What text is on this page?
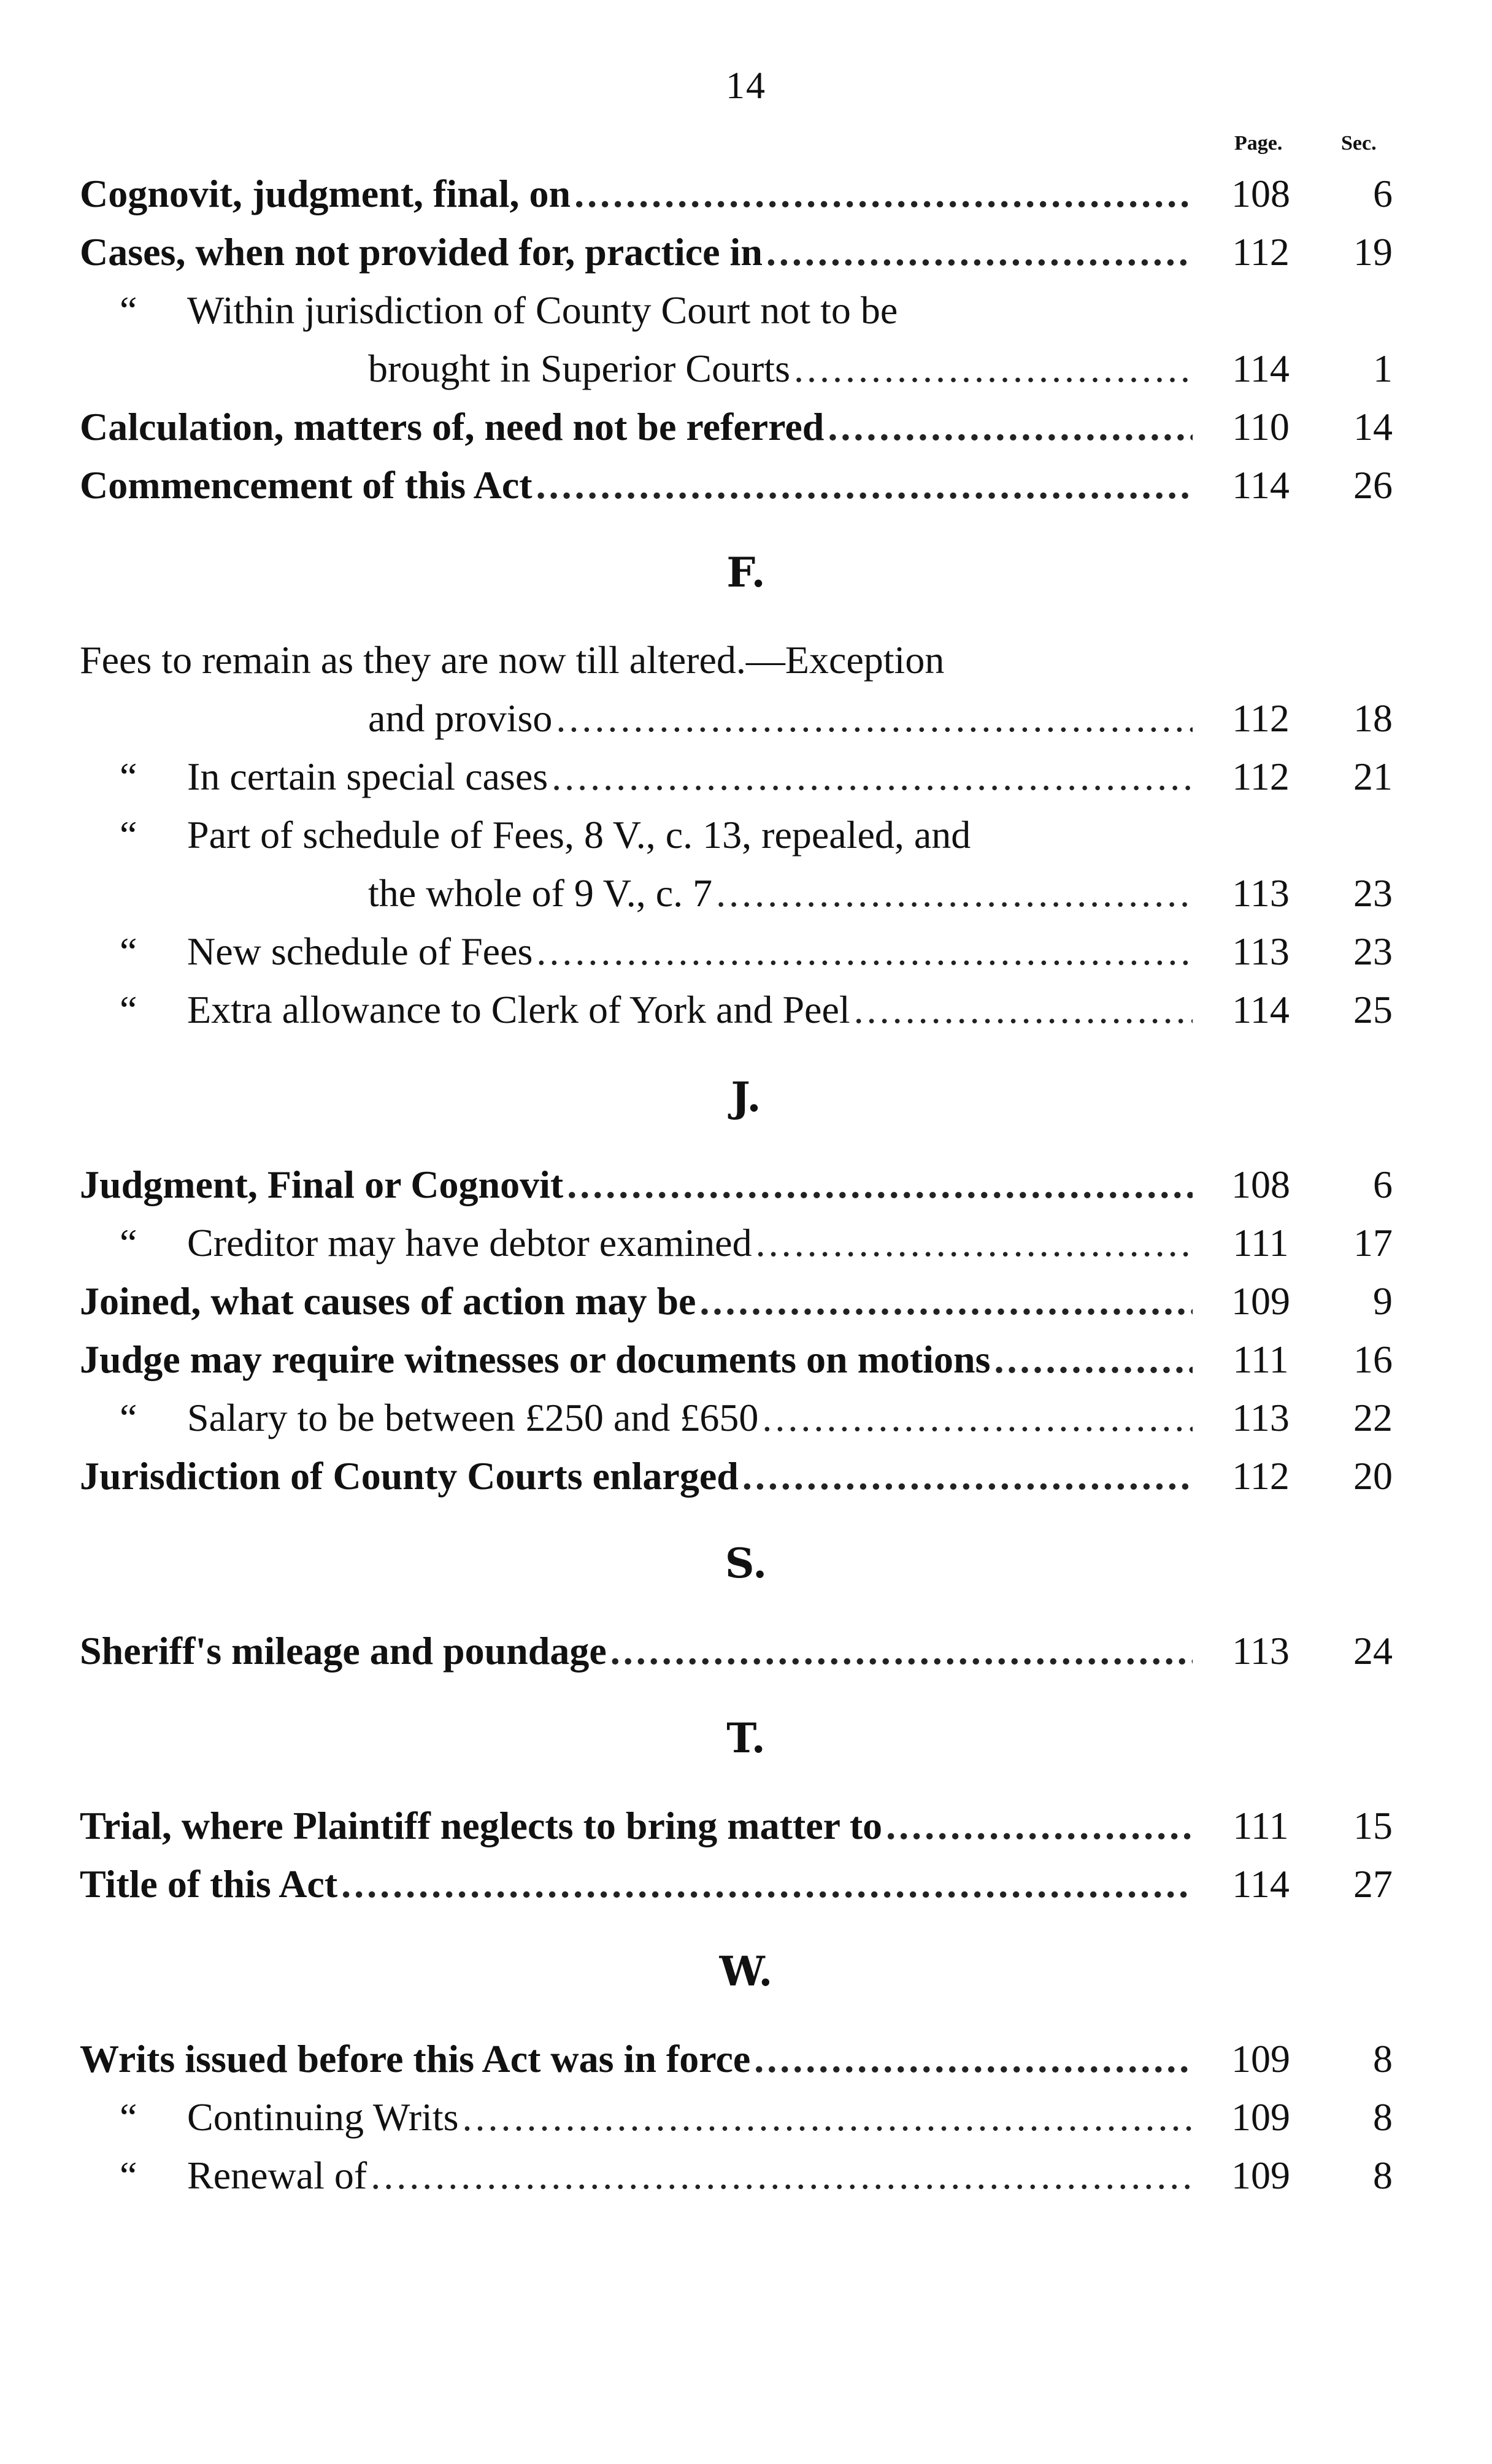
14
Page.	Sec.
Cognovit, judgment, final, on .....	108	6
Cases, when not provided for, practice in .....	112	19
“	Within jurisdiction of County Court not to be
brought in Superior Courts .....	114	1
Calculation, matters of, need not be referred .....	110	14
Commencement of this Act .....	114	26
F.
Fees to remain as they are now till altered.—Exception
and proviso .....	112	18
“	In certain special cases .....	112	21
“	Part of schedule of Fees, 8 V., c. 13, repealed, and
the whole of 9 V., c. 7 .....	113	23
“	New schedule of Fees .....	113	23
“	Extra allowance to Clerk of York and Peel .....	114	25
J.
Judgment, Final or Cognovit .....	108	6
“	Creditor may have debtor examined .....	111	17
Joined, what causes of action may be .....	109	9
Judge may require witnesses or documents on motions .....	111	16
“	Salary to be between £250 and £650 .....	113	22
Jurisdiction of County Courts enlarged .....	112	20
S.
Sheriff's mileage and poundage .....	113	24
T.
Trial, where Plaintiff neglects to bring matter to .....	111	15
Title of this Act .....	114	27
W.
Writs issued before this Act was in force .....	109	8
“	Continuing Writs .....	109	8
“	Renewal of .....	109	8
